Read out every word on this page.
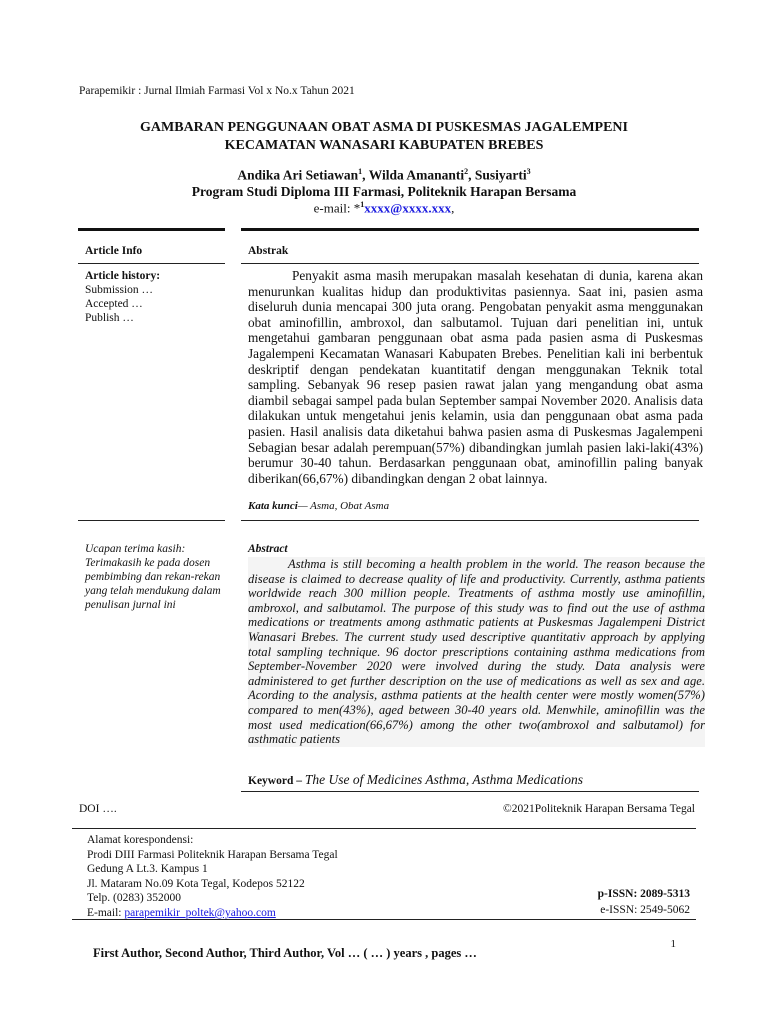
Parapemikir : Jurnal Ilmiah Farmasi Vol x No.x Tahun 2021
GAMBARAN PENGGUNAAN OBAT ASMA DI PUSKESMAS JAGALEMPENI
KECAMATAN WANASARI KABUPATEN BREBES
Andika Ari Setiawan$^1$, Wilda Amananti$^2$, Susiyarti$^3$
Program Studi Diploma III Farmasi, Politeknik Harapan Bersama
e-mail: *$^1$xxxx@xxxx.xxx,
Article Info
Article history:
Submission …
Accepted …
Publish …
Abstrak
Penyakit asma masih merupakan masalah kesehatan di dunia, karena akan menurunkan kualitas hidup dan produktivitas pasiennya. Saat ini, pasien asma diseluruh dunia mencapai 300 juta orang. Pengobatan penyakit asma menggunakan obat aminofillin, ambroxol, dan salbutamol. Tujuan dari penelitian ini, untuk mengetahui gambaran penggunaan obat asma pada pasien asma di Puskesmas Jagalempeni Kecamatan Wanasari Kabupaten Brebes. Penelitian kali ini berbentuk deskriptif dengan pendekatan kuantitatif dengan menggunakan Teknik total sampling. Sebanyak 96 resep pasien rawat jalan yang mengandung obat asma diambil sebagai sampel pada bulan September sampai November 2020. Analisis data dilakukan untuk mengetahui jenis kelamin, usia dan penggunaan obat asma pada pasien. Hasil analisis data diketahui bahwa pasien asma di Puskesmas Jagalempeni Sebagian besar adalah perempuan(57%) dibandingkan jumlah pasien laki-laki(43%) berumur 30-40 tahun. Berdasarkan penggunaan obat, aminofillin paling banyak diberikan(66,67%) dibandingkan dengan 2 obat lainnya.
Kata kunci— Asma, Obat Asma
Ucapan terima kasih: Terimakasih ke pada dosen pembimbing dan rekan-rekan yang telah mendukung dalam penulisan jurnal ini
Abstract
Asthma is still becoming a health problem in the world. The reason because the disease is claimed to decrease quality of life and productivity. Currently, asthma patients worldwide reach 300 million people. Treatments of asthma mostly use aminofillin, ambroxol, and salbutamol. The purpose of this study was to find out the use of asthma medications or treatments among asthmatic patients at Puskesmas Jagalempeni District Wanasari Brebes. The current study used descriptive quantitativ approach by applying total sampling technique. 96 doctor prescriptions containing asthma medications from September-November 2020 were involved during the study. Data analysis were administered to get further description on the use of medications as well as sex and age. Acording to the analysis, asthma patients at the health center were mostly women(57%) compared to men(43%), aged between 30-40 years old. Menwhile, aminofillin was the most used medication(66,67%) among the other two(ambroxol and salbutamol) for asthmatic patients
Keyword – The Use of Medicines Asthma, Asthma Medications
DOI ….	©2021Politeknik Harapan Bersama Tegal
Alamat korespondensi:
Prodi DIII Farmasi Politeknik Harapan Bersama Tegal
Gedung A Lt.3. Kampus 1
Jl. Mataram No.09 Kota Tegal, Kodepos 52122
Telp. (0283) 352000
E-mail: parapemikir_poltek@yahoo.com
p-ISSN: 2089-5313
e-ISSN: 2549-5062
1
First Author, Second Author, Third Author, Vol … ( … ) years , pages …
